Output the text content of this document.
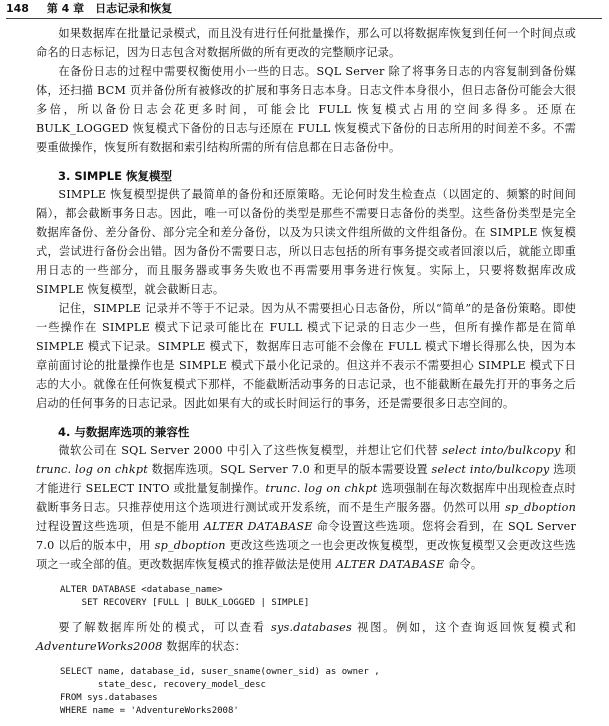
148 第 4 章　日志记录和恢复

如果数据库在批量记录模式，而且没有进行任何批量操作，那么可以将数据库恢复到任何一个时间点或命名的日志标记，因为日志包含对数据所做的所有更改的完整顺序记录。

在备份日志的过程中需要权衡使用小一些的日志。SQL Server 除了将事务日志的内容复制到备份媒体，还扫描 BCM 页并备份所有被修改的扩展和事务日志本身。日志文件本身很小，但日志备份可能会大很多倍，所以备份日志会花更多时间，可能会比 FULL 恢复模式占用的空间多得多。还原在 BULK_LOGGED 恢复模式下备份的日志与还原在 FULL 恢复模式下备份的日志所用的时间差不多。不需要重做操作，恢复所有数据和索引结构所需的所有信息都在日志备份中。

3. SIMPLE 恢复模型

SIMPLE 恢复模型提供了最简单的备份和还原策略。无论何时发生检查点（以固定的、频繁的时间间隔），都会截断事务日志。因此，唯一可以备份的类型是那些不需要日志备份的类型。这些备份类型是完全数据库备份、差分备份、部分完全和差分备份，以及为只读文件组所做的文件组备份。在 SIMPLE 恢复模式，尝试进行备份会出错。因为备份不需要日志，所以日志包括的所有事务提交或者回滚以后，就能立即重用日志的一些部分，而且服务器或事务失败也不再需要用事务进行恢复。实际上，只要将数据库改成 SIMPLE 恢复模型，就会截断日志。

记住，SIMPLE 记录并不等于不记录。因为从不需要担心日志备份，所以“简单”的是备份策略。即使一些操作在 SIMPLE 模式下记录可能比在 FULL 模式下记录的日志少一些，但所有操作都是在简单 SIMPLE 模式下记录。SIMPLE 模式下，数据库日志可能不会像在 FULL 模式下增长得那么快，因为本章前面讨论的批量操作也是 SIMPLE 模式下最小化记录的。但这并不表示不需要担心 SIMPLE 模式下日志的大小。就像在任何恢复模式下那样，不能截断活动事务的日志记录，也不能截断在最先打开的事务之后启动的任何事务的日志记录。因此如果有大的或长时间运行的事务，还是需要很多日志空间的。

4. 与数据库选项的兼容性

微软公司在 SQL Server 2000 中引入了这些恢复模型，并想让它们代替 select into/bulkcopy 和 trunc. log on chkpt 数据库选项。SQL Server 7.0 和更早的版本需要设置 select into/bulkcopy 选项才能进行 SELECT INTO 或批量复制操作。trunc. log on chkpt 选项强制在每次数据库中出现检查点时截断事务日志。只推荐使用这个选项进行测试或开发系统，而不是生产服务器。仍然可以用 sp_dboption 过程设置这些选项，但是不能用 ALTER DATABASE 命令设置这些选项。您将会看到，在 SQL Server 7.0 以后的版本中，用 sp_dboption 更改这些选项之一也会更改恢复模型，更改恢复模型又会更改这些选项之一或全部的值。更改数据库恢复模式的推荐做法是使用 ALTER DATABASE 命令。

ALTER DATABASE <database_name>
SET RECOVERY [FULL | BULK_LOGGED | SIMPLE]

要了解数据库所处的模式，可以查看 sys.databases 视图。例如，这个查询返回恢复模式和 AdventureWorks2008 数据库的状态：

SELECT name, database_id, suser_sname(owner_sid) as owner ,
state_desc, recovery_model_desc
FROM sys.databases
WHERE name = 'AdventureWorks2008'
